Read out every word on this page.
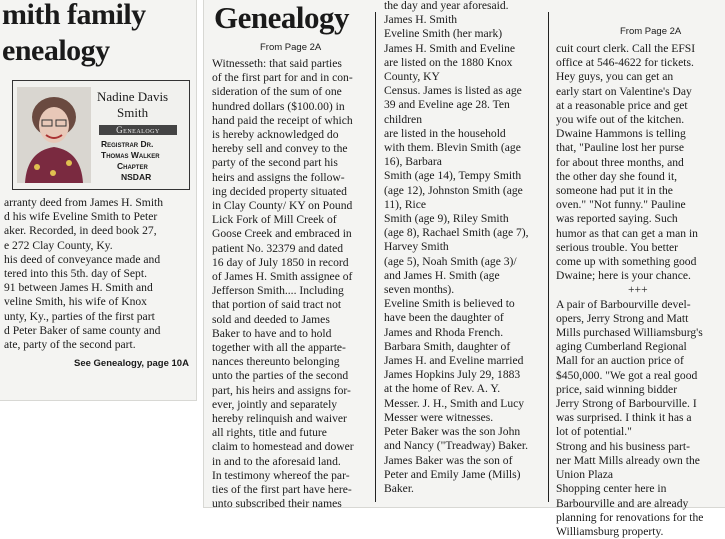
mith family
enealogy
Nadine Davis
Smith
Genealogy
Registrar Dr.
Thomas Walker
Chapter
NSDAR
arranty deed from James H. Smith
d his wife Eveline Smith to Peter
aker. Recorded, in deed book 27,
e 272 Clay County, Ky.
his deed of conveyance made and
tered into this 5th. day of Sept.
91 between James H. Smith and
veline Smith, his wife of Knox
unty, Ky., parties of the first part
d Peter Baker of same county and
ate, party of the second part.
See Genealogy, page 10A
Genealogy
From Page 2A
Witnesseth: that said parties
of the first part for and in con-
sideration of the sum of one
hundred dollars ($100.00) in
hand paid the receipt of which
is hereby acknowledged do
hereby sell and convey to the
party of the second part his
heirs and assigns the follow-
ing decided property situated
in Clay County/ KY on Pound
Lick Fork of Mill Creek of
Goose Creek and embraced in
patient No. 32379 and dated
16 day of July 1850 in record
of James H. Smith assignee of
Jefferson Smith.... Including
that portion of said tract not
sold and deeded to James
Baker to have and to hold
together with all the apparte-
nances thereunto belonging
unto the parties of the second
part, his heirs and assigns for-
ever, jointly and separately
hereby relinquish and waiver
all rights, title and future
claim to homestead and dower
in and to the aforesaid land.
In testimony whereof the par-
ties of the first part have here-
unto subscribed their names
the day and year aforesaid.
James H. Smith
Eveline Smith (her mark)
James H. Smith and Eveline
are listed on the 1880 Knox
County, KY
Census. James is listed as age
39 and Eveline age 28. Ten
children
are listed in the household
with them. Blevin Smith (age
16), Barbara
Smith (age 14), Tempy Smith
(age 12), Johnston Smith (age
11), Rice
Smith (age 9), Riley Smith
(age 8), Rachael Smith (age 7),
Harvey Smith
(age 5), Noah Smith (age 3)/
and James H. Smith (age
seven months).
Eveline Smith is believed to
have been the daughter of
James and Rhoda French.
Barbara Smith, daughter of
James H. and Eveline married
James Hopkins July 29, 1883
at the home of Rev. A. Y.
Messer. J. H., Smith and Lucy
Messer were witnesses.
Peter Baker was the son John
and Nancy ("Treadway) Baker.
James Baker was the son of
Peter and Emily Jame (Mills)
Baker.
From Page 2A
cuit court clerk. Call the EFSI
office at 546-4622 for tickets.
Hey guys, you can get an
early start on Valentine's Day
at a reasonable price and get
you wife out of the kitchen.
Dwaine Hammons is telling
that, "Pauline lost her purse
for about three months, and
the other day she found it,
someone had put it in the
oven." "Not funny." Pauline
was reported saying. Such
humor as that can get a man in
serious trouble. You better
come up with something good
Dwaine; here is your chance.
+++
A pair of Barbourville devel-
opers, Jerry Strong and Matt
Mills purchased Williamsburg's
aging Cumberland Regional
Mall for an auction price of
$450,000. "We got a real good
price, said winning bidder
Jerry Strong of Barbourville. I
was surprised. I think it has a
lot of potential."
Strong and his business part-
ner Matt Mills already own the
Union Plaza
Shopping center here in
Barbourville and are already
planning for renovations for the
Williamsburg property.
